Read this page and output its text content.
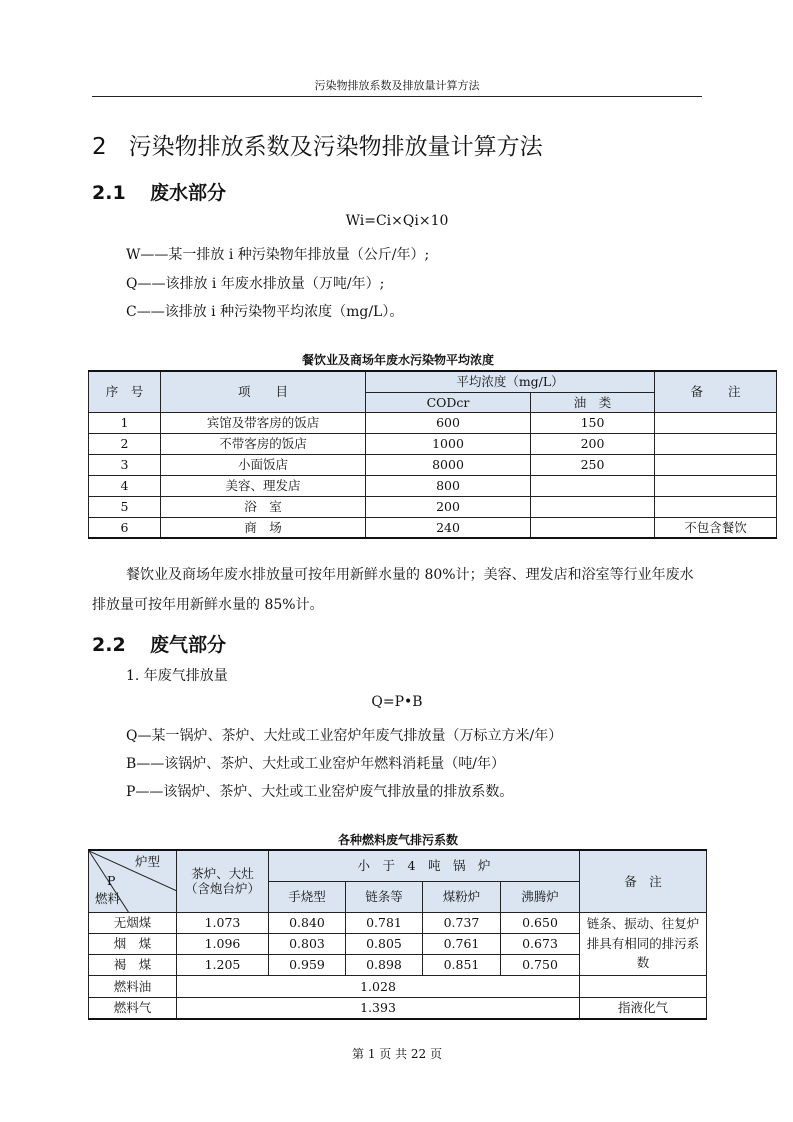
污染物排放系数及排放量计算方法
2 污染物排放系数及污染物排放量计算方法
2.1 废水部分
Wi=Ci×Qi×10
W——某一排放 i 种污染物年排放量（公斤/年）;
Q——该排放 i 年废水排放量（万吨/年）;
C——该排放 i 种污染物平均浓度（mg/L）。
餐饮业及商场年废水污染物平均浓度
序　号	项　　目	平均浓度（mg/L）		备　　注
		CODcr	油　类	
1	宾馆及带客房的饭店	600	150	
2	不带客房的饭店	1000	200	
3	小面饭店	8000	250	
4	美容、理发店	800		
5	浴　室	200		
6	商　场	240		不包含餐饮
餐饮业及商场年废水排放量可按年用新鲜水量的 80%计；美容、理发店和浴室等行业年废水排放量可按年用新鲜水量的 85%计。
2.2 废气部分
1. 年废气排放量
Q=P•B
Q—某一锅炉、茶炉、大灶或工业窑炉年废气排放量（万标立方米/年）
B——该锅炉、茶炉、大灶或工业窑炉年燃料消耗量（吨/年）
P——该锅炉、茶炉、大灶或工业窑炉废气排放量的排放系数。
各种燃料废气排污系数
炉型
P
燃料	茶炉、大灶（含炮台炉）	小　于　4　吨　锅　炉				备　注
		手烧型	链条等	煤粉炉	沸腾炉	
无烟煤	1.073	0.840	0.781	0.737	0.650	链条、振动、往复炉排具有相同的排污系数
烟　煤	1.096	0.803	0.805	0.761	0.673	
褐　煤	1.205	0.959	0.898	0.851	0.750	
燃料油	1.028					
燃料气	1.393					指液化气
第 1 页 共 22 页
